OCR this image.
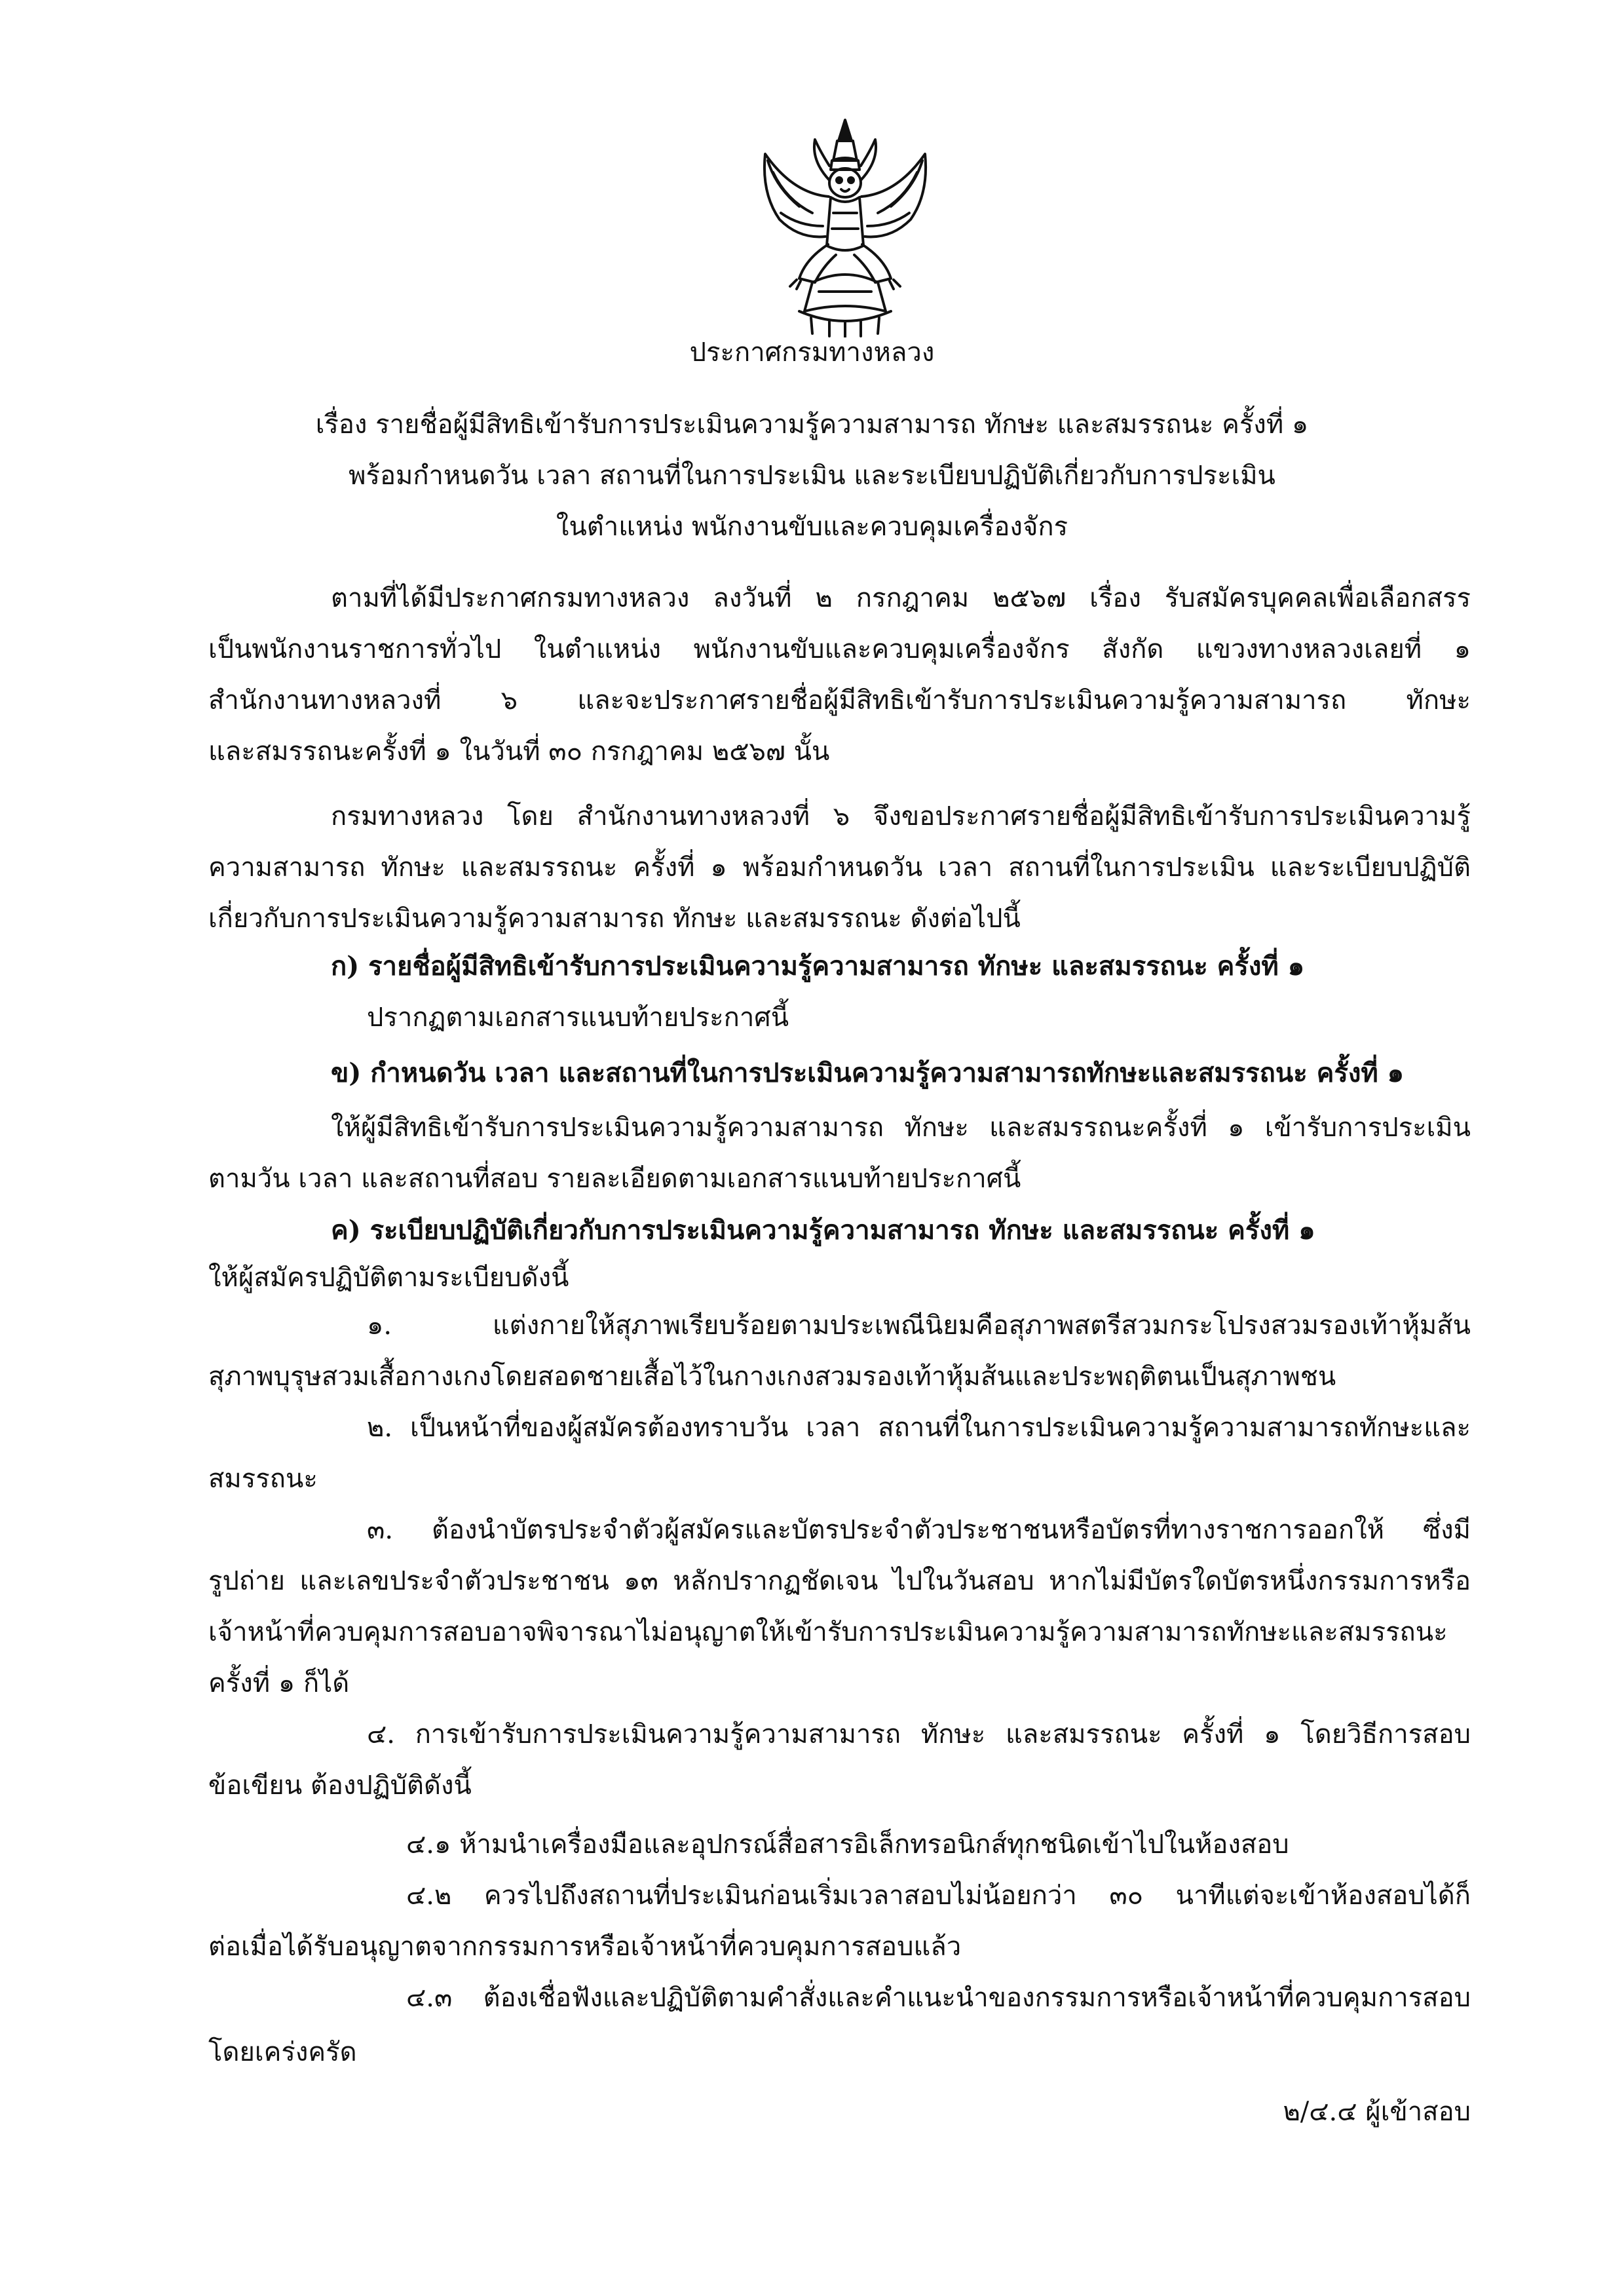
ประกาศกรมทางหลวง
เรื่อง รายชื่อผู้มีสิทธิเข้ารับการประเมินความรู้ความสามารถ ทักษะ และสมรรถนะ ครั้งที่ ๑
พร้อมกำหนดวัน เวลา สถานที่ในการประเมิน และระเบียบปฏิบัติเกี่ยวกับการประเมิน
ในตำแหน่ง พนักงานขับและควบคุมเครื่องจักร
ตามที่ได้มีประกาศกรมทางหลวง ลงวันที่ ๒ กรกฎาคม ๒๕๖๗ เรื่อง รับสมัครบุคคลเพื่อเลือกสรร
เป็นพนักงานราชการทั่วไป ในตำแหน่ง พนักงานขับและควบคุมเครื่องจักร สังกัด แขวงทางหลวงเลยที่ ๑
สำนักงานทางหลวงที่ ๖ และจะประกาศรายชื่อผู้มีสิทธิเข้ารับการประเมินความรู้ความสามารถ ทักษะ
และสมรรถนะครั้งที่ ๑ ในวันที่ ๓๐ กรกฎาคม ๒๕๖๗ นั้น
กรมทางหลวง โดย สำนักงานทางหลวงที่ ๖ จึงขอประกาศรายชื่อผู้มีสิทธิเข้ารับการประเมินความรู้
ความสามารถ ทักษะ และสมรรถนะ ครั้งที่ ๑ พร้อมกำหนดวัน เวลา สถานที่ในการประเมิน และระเบียบปฏิบัติ
เกี่ยวกับการประเมินความรู้ความสามารถ ทักษะ และสมรรถนะ ดังต่อไปนี้
ก) รายชื่อผู้มีสิทธิเข้ารับการประเมินความรู้ความสามารถ ทักษะ และสมรรถนะ ครั้งที่ ๑
ปรากฏตามเอกสารแนบท้ายประกาศนี้
ข) กำหนดวัน เวลา และสถานที่ในการประเมินความรู้ความสามารถทักษะและสมรรถนะ ครั้งที่ ๑
ให้ผู้มีสิทธิเข้ารับการประเมินความรู้ความสามารถ ทักษะ และสมรรถนะครั้งที่ ๑ เข้ารับการประเมิน
ตามวัน เวลา และสถานที่สอบ รายละเอียดตามเอกสารแนบท้ายประกาศนี้
ค) ระเบียบปฏิบัติเกี่ยวกับการประเมินความรู้ความสามารถ ทักษะ และสมรรถนะ ครั้งที่ ๑
ให้ผู้สมัครปฏิบัติตามระเบียบดังนี้
๑. แต่งกายให้สุภาพเรียบร้อยตามประเพณีนิยมคือสุภาพสตรีสวมกระโปรงสวมรองเท้าหุ้มส้น
สุภาพบุรุษสวมเสื้อกางเกงโดยสอดชายเสื้อไว้ในกางเกงสวมรองเท้าหุ้มส้นและประพฤติตนเป็นสุภาพชน
๒. เป็นหน้าที่ของผู้สมัครต้องทราบวัน เวลา สถานที่ในการประเมินความรู้ความสามารถทักษะและ
สมรรถนะ
๓. ต้องนำบัตรประจำตัวผู้สมัครและบัตรประจำตัวประชาชนหรือบัตรที่ทางราชการออกให้ ซึ่งมี
รูปถ่าย และเลขประจำตัวประชาชน ๑๓ หลักปรากฏชัดเจน ไปในวันสอบ หากไม่มีบัตรใดบัตรหนึ่งกรรมการหรือ
เจ้าหน้าที่ควบคุมการสอบอาจพิจารณาไม่อนุญาตให้เข้ารับการประเมินความรู้ความสามารถทักษะและสมรรถนะ
ครั้งที่ ๑ ก็ได้
๔. การเข้ารับการประเมินความรู้ความสามารถ ทักษะ และสมรรถนะ ครั้งที่ ๑ โดยวิธีการสอบ
ข้อเขียน ต้องปฏิบัติดังนี้
๔.๑ ห้ามนำเครื่องมือและอุปกรณ์สื่อสารอิเล็กทรอนิกส์ทุกชนิดเข้าไปในห้องสอบ
๔.๒ ควรไปถึงสถานที่ประเมินก่อนเริ่มเวลาสอบไม่น้อยกว่า ๓๐ นาทีแต่จะเข้าห้องสอบได้ก็
ต่อเมื่อได้รับอนุญาตจากกรรมการหรือเจ้าหน้าที่ควบคุมการสอบแล้ว
๔.๓ ต้องเชื่อฟังและปฏิบัติตามคำสั่งและคำแนะนำของกรรมการหรือเจ้าหน้าที่ควบคุมการสอบ
โดยเคร่งครัด
๒/๔.๔ ผู้เข้าสอบ
